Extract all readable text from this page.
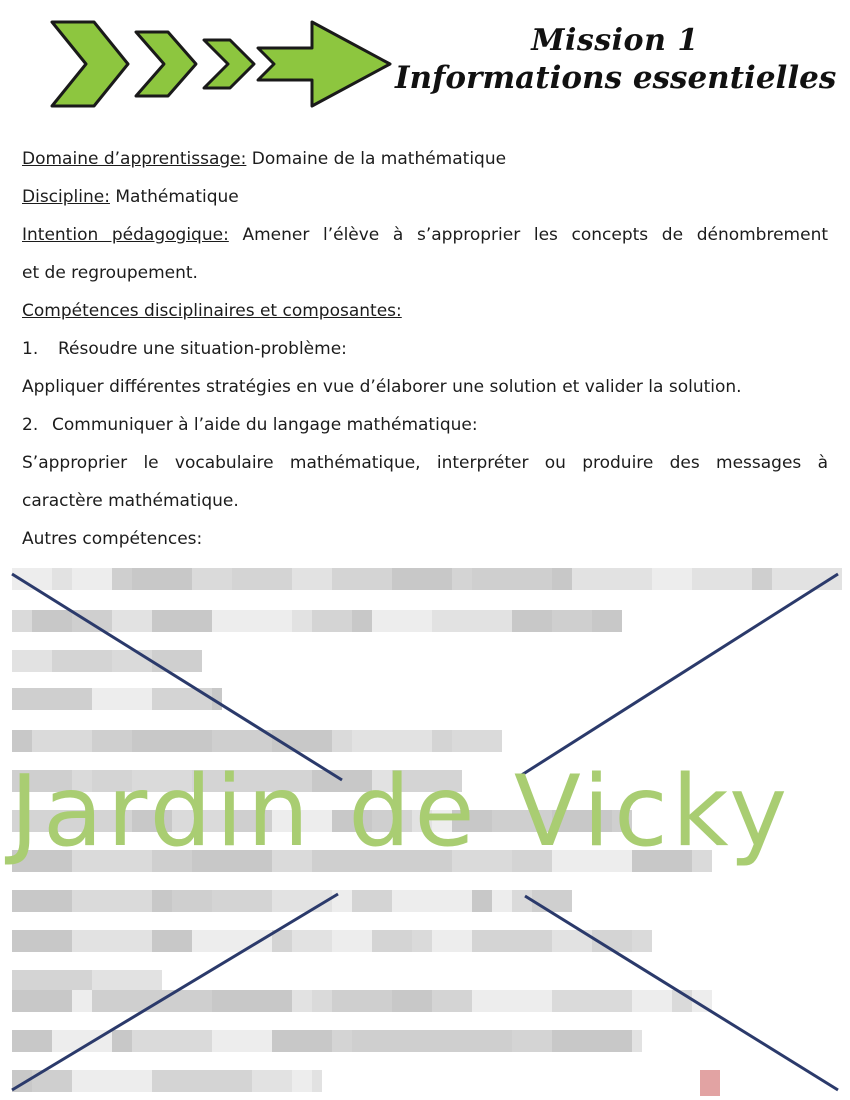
Mission 1
Informations essentielles
Domaine d’apprentissage: Domaine de la mathématique
Discipline: Mathématique
Intention pédagogique: Amener l’élève à s’approprier les concepts de dénombrement
et de regroupement.
Compétences disciplinaires et composantes:
1. Résoudre une situation-problème:
Appliquer différentes stratégies en vue d’élaborer une solution et valider la solution.
2. Communiquer à l’aide du langage mathématique:
S’approprier le vocabulaire mathématique, interpréter ou produire des messages à
caractère mathématique.
Autres compétences:
Jardin de Vicky
